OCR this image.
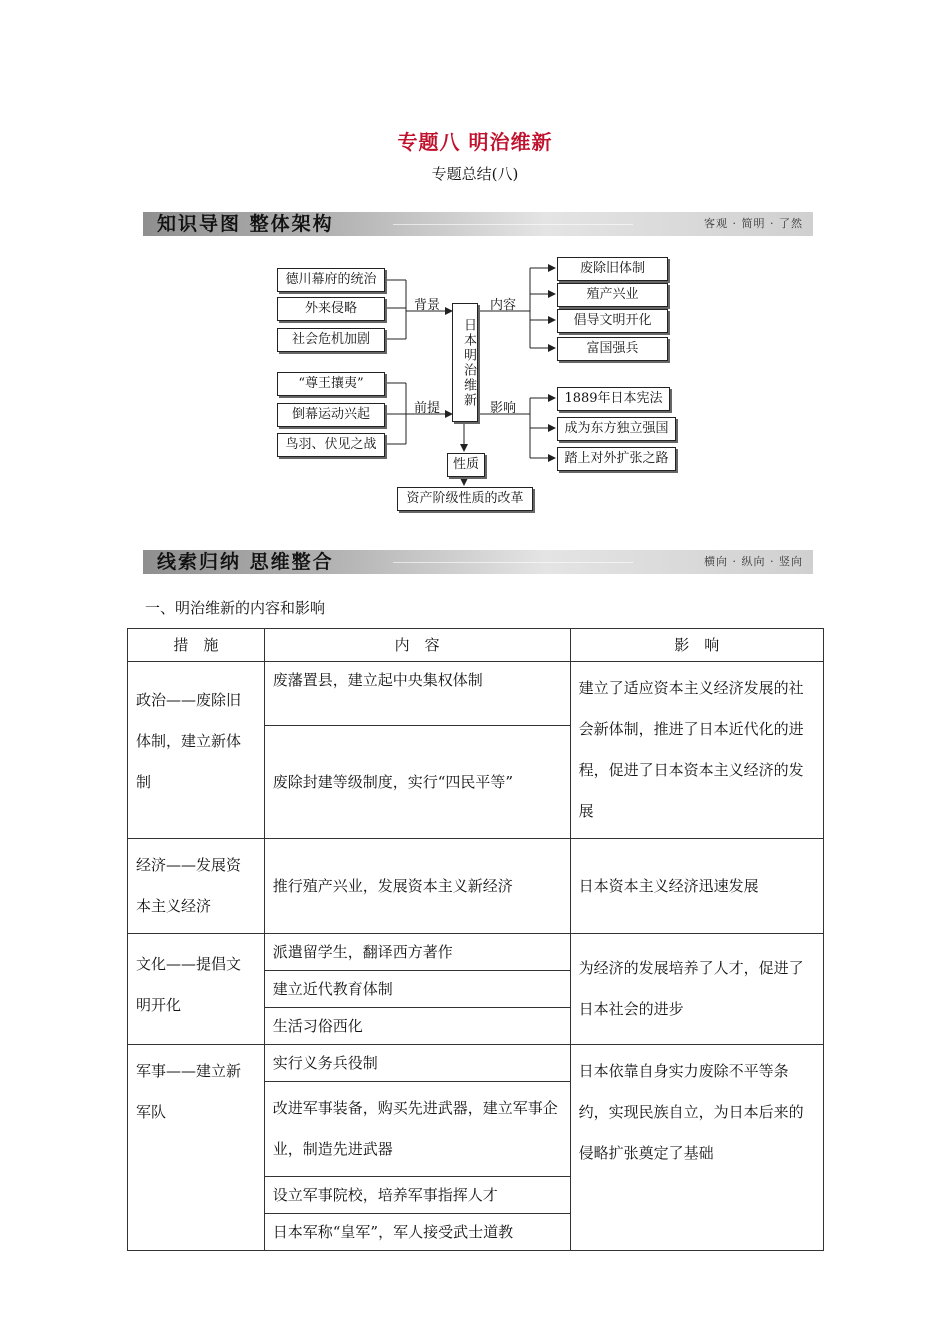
专题八 明治维新
专题总结(八)
知识导图 整体架构	客观 · 简明 · 了然
德川幕府的统治
外来侵略
社会危机加剧
背景
“尊王攘夷”
倒幕运动兴起
鸟羽、伏见之战
前提
日本明治维新
内容
废除旧体制
殖产兴业
倡导文明开化
富国强兵
影响
1889年日本宪法
成为东方独立强国
踏上对外扩张之路
性质
资产阶级性质的改革
线索归纳 思维整合	横向 · 纵向 · 竖向
一、明治维新的内容和影响
措　施	内　容	影　响
政治——废除旧体制，建立新体制	废藩置县，建立起中央集权体制	建立了适应资本主义经济发展的社会新体制，推进了日本近代化的进程，促进了日本资本主义经济的发展
	废除封建等级制度，实行“四民平等”	
经济——发展资本主义经济	推行殖产兴业，发展资本主义新经济	日本资本主义经济迅速发展
文化——提倡文明开化	派遣留学生，翻译西方著作	为经济的发展培养了人才，促进了日本社会的进步
	建立近代教育体制	
	生活习俗西化	
军事——建立新军队	实行义务兵役制	日本依靠自身实力废除不平等条约，实现民族自立，为日本后来的侵略扩张奠定了基础
	改进军事装备，购买先进武器，建立军事企业，制造先进武器	
	设立军事院校，培养军事指挥人才	
	日本军称“皇军”，军人接受武士道教	
